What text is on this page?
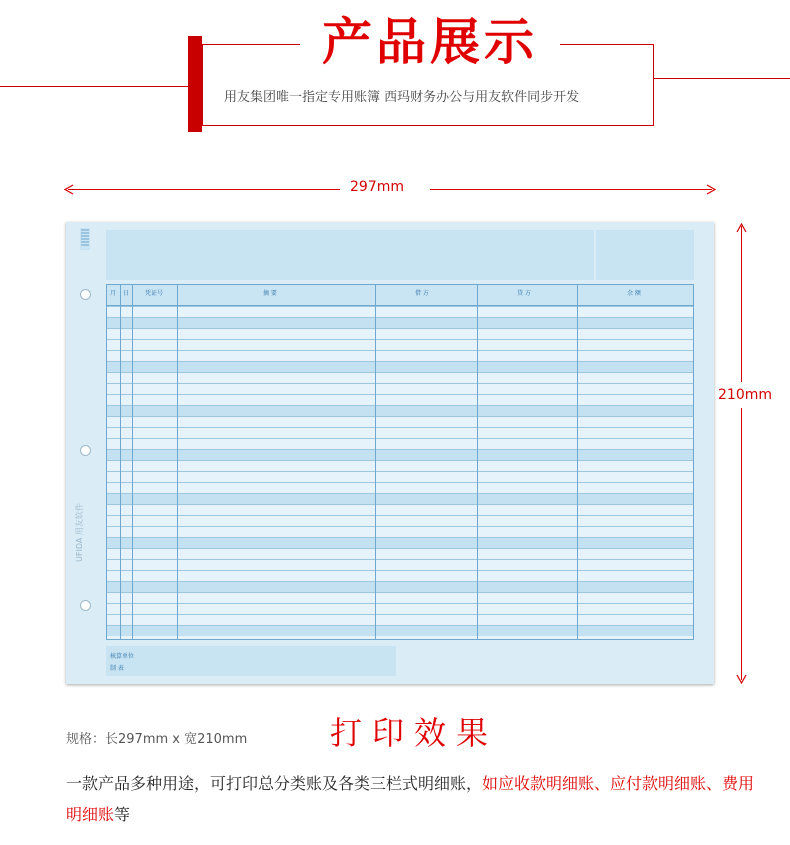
产品展示
用友集团唯一指定专用账簿 西玛财务办公与用友软件同步开发
297mm
210mm
UFIDA 用友软件
月 日	凭证号	摘 要	借 方	贷 方	余 额
核算单位
制 表
规格：长297mm x 宽210mm	打印效果
一款产品多种用途，可打印总分类账及各类三栏式明细账，如应收款明细账、应付款明细账、费用明细账等
